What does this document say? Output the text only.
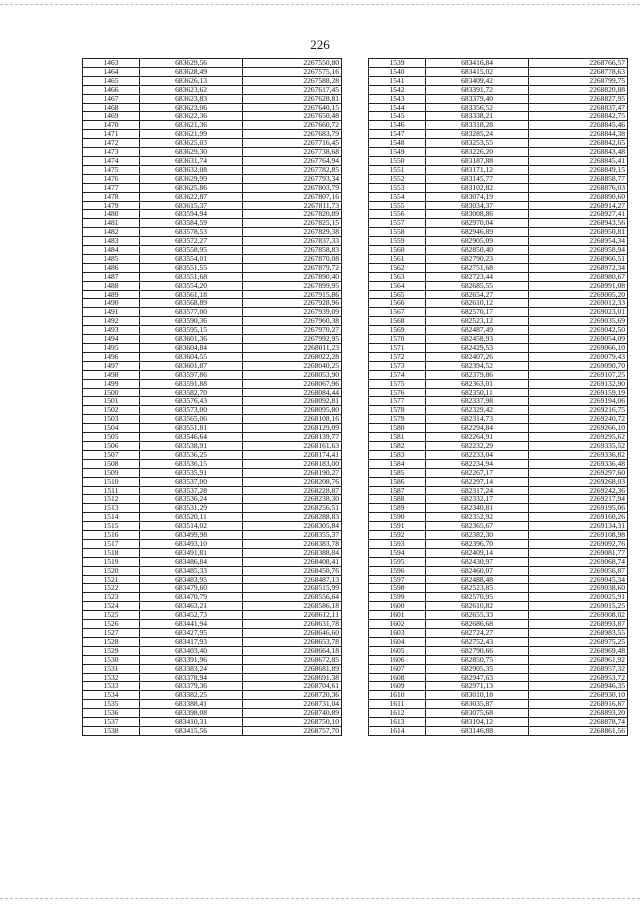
226
1463	683629,56	2267550,80
1464	683628,49	2267575,16
1465	683626,13	2267588,28
1466	683623,62	2267617,45
1467	683623,83	2267628,81
1468	683623,06	2267640,15
1469	683622,36	2267650,48
1470	683621,36	2267660,72
1471	683621,99	2267683,79
1472	683625,03	2267716,45
1473	683629,30	2267738,68
1474	683631,74	2267764,94
1475	683632,08	2267782,85
1476	683629,99	2267793,34
1477	683625,86	2267803,79
1478	683622,87	2267807,16
1479	683615,37	2267811,73
1480	683594,94	2267820,89
1481	683584,59	2267825,15
1482	683578,53	2267829,38
1483	683572,27	2267837,33
1484	683558,95	2267858,83
1485	683554,01	2267870,08
1486	683551,55	2267879,72
1487	683551,68	2267890,40
1488	683554,20	2267899,95
1489	683561,18	2267915,86
1490	683568,89	2267928,96
1491	683577,00	2267939,09
1492	683590,36	2267960,38
1493	683595,15	2267970,27
1494	683601,36	2267992,95
1495	683604,84	2268011,23
1496	683604,55	2268022,28
1497	683601,87	2268040,25
1498	683597,86	2268053,90
1499	683591,88	2268067,96
1500	683582,70	2268084,44
1501	683576,43	2268092,81
1502	683573,00	2268095,80
1503	683565,06	2268108,16
1504	683551,81	2268129,09
1505	683546,64	2268139,77
1506	683538,91	2268161,63
1507	683536,25	2268174,41
1508	683536,15	2268183,00
1509	683535,91	2268190,27
1510	683537,00	2268208,76
1511	683537,28	2268228,87
1512	683536,24	2268238,30
1513	683531,29	2268256,51
1514	683520,11	2268288,83
1515	683514,02	2268305,84
1516	683499,98	2268355,37
1517	683493,10	2268383,78
1518	683491,81	2268388,84
1519	683486,84	2268408,41
1520	683485,33	2268450,76
1521	683483,95	2268487,13
1522	683479,60	2268515,99
1523	683470,79	2268556,64
1524	683463,21	2268586,18
1525	683452,73	2268612,11
1526	683441,94	2268631,78
1527	683427,95	2268646,60
1528	683417,93	2268653,78
1529	683403,40	2268664,18
1530	683391,96	2268672,85
1531	683383,24	2268681,89
1532	683378,94	2268691,38
1533	683379,36	2268704,61
1534	683382,25	2268720,36
1535	683388,41	2268731,04
1536	683398,08	2268740,89
1537	683410,31	2268750,10
1538	683415,56	2268757,70
1539	683416,84	2268766,57
1540	683415,02	2268778,63
1541	683409,42	2268799,75
1542	683391,72	2268820,88
1543	683379,40	2268827,95
1544	683356,52	2268837,47
1545	683338,21	2268842,75
1546	683318,28	2268845,46
1547	683285,24	2268844,38
1548	683253,55	2268842,65
1549	683226,20	2268843,48
1550	683187,88	2268845,41
1551	683171,12	2268849,15
1552	683145,77	2268858,77
1553	683102,82	2268876,03
1554	683074,19	2268890,60
1555	683034,37	2268914,27
1556	683008,86	2268927,41
1557	682970,04	2268943,56
1558	682946,89	2268950,81
1559	682905,09	2268954,34
1560	682850,40	2268958,94
1561	682790,23	2268966,51
1562	682751,68	2268972,34
1563	682723,44	2268980,67
1564	682685,55	2268991,08
1565	682654,27	2269005,20
1566	682610,12	2269012,33
1567	682570,17	2269023,01
1568	682523,12	2269035,69
1569	682487,49	2269042,50
1570	682458,93	2269054,09
1571	682429,53	2269066,10
1572	682407,26	2269079,43
1573	682394,52	2269090,70
1574	682379,86	2269107,25
1575	682363,01	2269132,90
1576	682350,11	2269159,19
1577	682337,98	2269194,06
1578	682329,42	2269216,75
1579	682314,73	2269240,72
1580	682294,84	2269266,10
1581	682264,91	2269295,62
1582	682232,29	2269335,52
1583	682233,04	2269336,82
1584	682234,94	2269336,48
1585	682267,17	2269297,60
1586	682297,14	2269268,03
1587	682317,24	2269242,36
1588	682332,17	2269217,94
1589	682340,81	2269195,06
1590	682352,92	2269160,26
1591	682365,67	2269134,31
1592	682382,30	2269108,98
1593	682396,70	2269092,76
1594	682409,14	2269081,77
1595	682430,97	2269068,74
1596	682460,07	2269056,87
1597	682488,48	2269045,34
1598	682523,85	2269038,60
1599	682570,95	2269025,91
1600	682610,82	2269015,25
1601	682655,33	2269008,02
1602	682686,68	2268993,87
1603	682724,27	2268983,55
1604	682752,43	2268975,25
1605	682790,66	2268969,48
1606	682850,75	2268961,92
1607	682905,35	2268957,32
1608	682947,63	2268953,72
1609	682971,13	2268946,35
1610	683010,18	2268930,10
1611	683035,87	2268916,87
1612	683075,68	2268893,20
1613	683104,12	2268878,74
1614	683146,88	2268861,56
